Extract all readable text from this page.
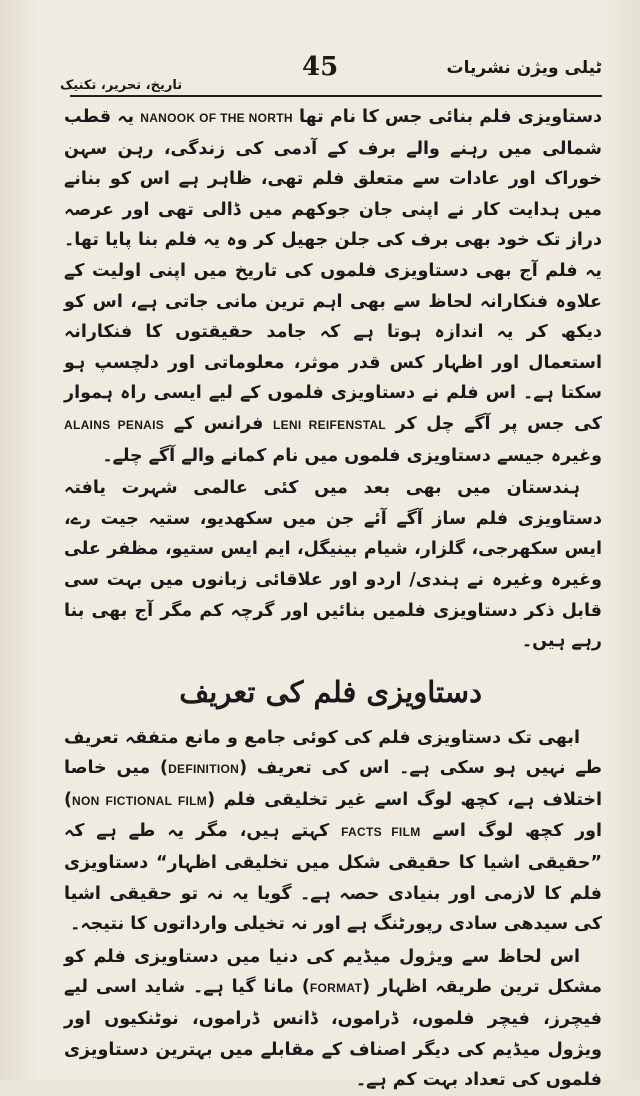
ٹیلی ویژن نشریات
45
تاریخ، تحریر، تکنیک

دستاویزی فلم بنائی جس کا نام تھا NANOOK OF THE NORTH یہ قطب شمالی میں رہنے والے برف کے آدمی کی زندگی، رہن سہن خوراک اور عادات سے متعلق فلم تھی، ظاہر ہے اس کو بنانے میں ہدایت کار نے اپنی جان جوکھم میں ڈالی تھی اور عرصہ دراز تک خود بھی برف کی جلن جھیل کر وہ یہ فلم بنا پایا تھا۔ یہ فلم آج بھی دستاویزی فلموں کی تاریخ میں اپنی اولیت کے علاوہ فنکارانہ لحاظ سے بھی اہم ترین مانی جاتی ہے، اس کو دیکھ کر یہ اندازہ ہوتا ہے کہ جامد حقیقتوں کا فنکارانہ استعمال اور اظہار کس قدر موثر، معلوماتی اور دلچسپ ہو سکتا ہے۔ اس فلم نے دستاویزی فلموں کے لیے ایسی راہ ہموار کی جس پر آگے چل کر LENI REIFENSTAL فرانس کے ALAINS PENAIS وغیرہ جیسے دستاویزی فلموں میں نام کمانے والے آگے چلے۔

ہندستان میں بھی بعد میں کئی عالمی شہرت یافتہ دستاویزی فلم ساز آگے آئے جن میں سکھدیو، ستیہ جیت رے، ایس سکھرجی، گلزار، شیام بینیگل، ایم ایس ستیو، مظفر علی وغیرہ وغیرہ نے ہندی/ اردو اور علاقائی زبانوں میں بہت سی قابل ذکر دستاویزی فلمیں بنائیں اور گرچہ کم مگر آج بھی بنا رہے ہیں۔

دستاویزی فلم کی تعریف

ابھی تک دستاویزی فلم کی کوئی جامع و مانع متفقہ تعریف طے نہیں ہو سکی ہے۔ اس کی تعریف (DEFINITION) میں خاصا اختلاف ہے، کچھ لوگ اسے غیر تخلیقی فلم (NON FICTIONAL FILM) اور کچھ لوگ اسے FACTS FILM کہتے ہیں، مگر یہ طے ہے کہ ”حقیقی اشیا کا حقیقی شکل میں تخلیقی اظہار“ دستاویزی فلم کا لازمی اور بنیادی حصہ ہے۔ گویا یہ نہ تو حقیقی اشیا کی سیدھی سادی رپورٹنگ ہے اور نہ تخیلی وارداتوں کا نتیجہ۔

اس لحاظ سے ویژول میڈیم کی دنیا میں دستاویزی فلم کو مشکل ترین طریقہ اظہار (FORMAT) مانا گیا ہے۔ شاید اسی لیے فیچرز، فیچر فلموں، ڈراموں، ڈانس ڈراموں، نوٹنکیوں اور ویژول میڈیم کی دیگر اصناف کے مقابلے میں بہترین دستاویزی فلموں کی تعداد بہت کم ہے۔
